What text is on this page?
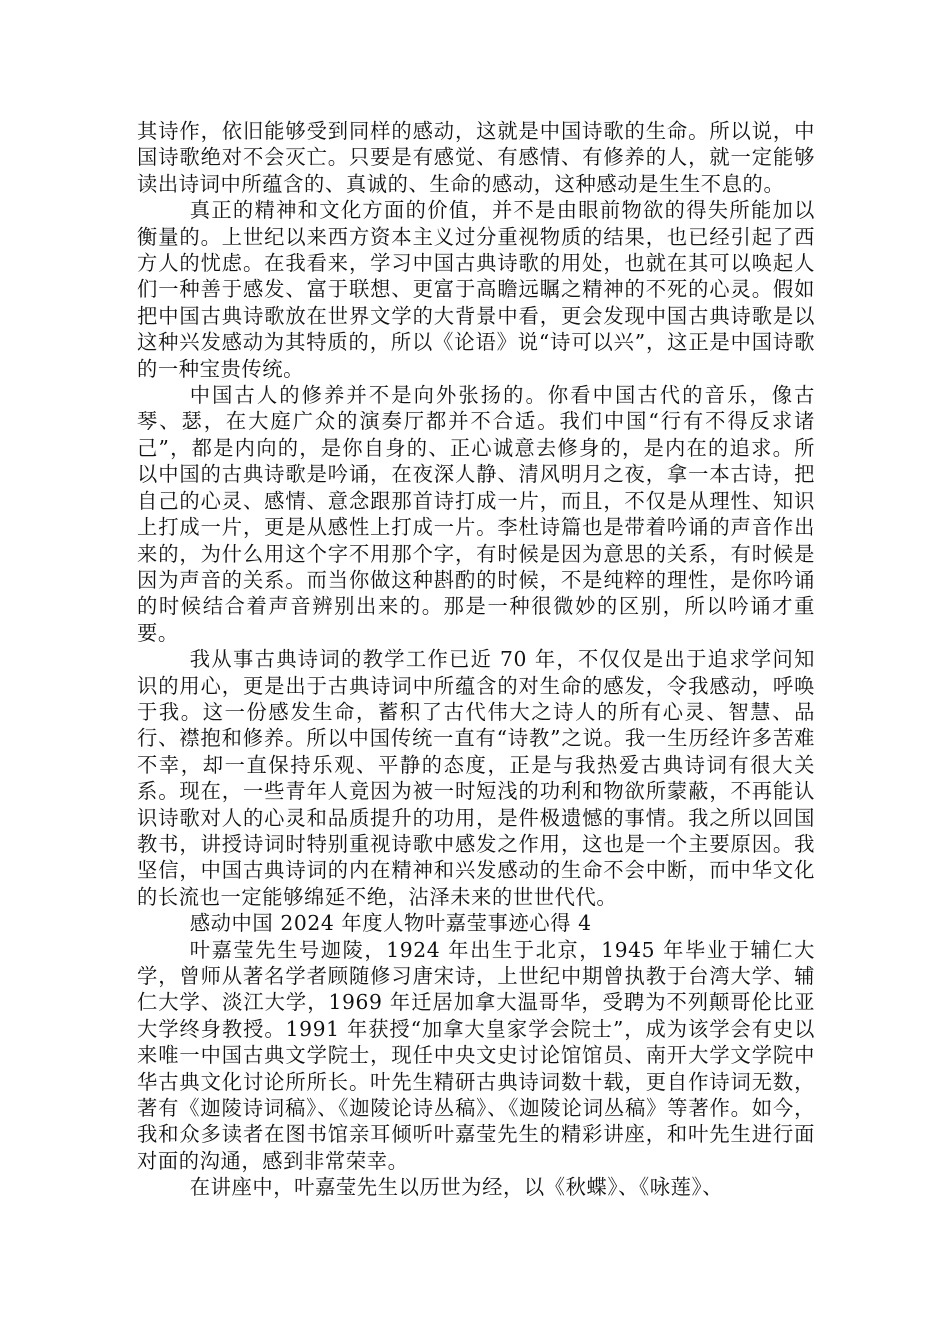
其诗作，依旧能够受到同样的感动，这就是中国诗歌的生命。所以说，中国诗歌绝对不会灭亡。只要是有感觉、有感情、有修养的人，就一定能够读出诗词中所蕴含的、真诚的、生命的感动，这种感动是生生不息的。

真正的精神和文化方面的价值，并不是由眼前物欲的得失所能加以衡量的。上世纪以来西方资本主义过分重视物质的结果，也已经引起了西方人的忧虑。在我看来，学习中国古典诗歌的用处，也就在其可以唤起人们一种善于感发、富于联想、更富于高瞻远瞩之精神的不死的心灵。假如把中国古典诗歌放在世界文学的大背景中看，更会发现中国古典诗歌是以这种兴发感动为其特质的，所以《论语》说“诗可以兴”，这正是中国诗歌的一种宝贵传统。

中国古人的修养并不是向外张扬的。你看中国古代的音乐，像古琴、瑟，在大庭广众的演奏厅都并不合适。我们中国“行有不得反求诸己”，都是内向的，是你自身的、正心诚意去修身的，是内在的追求。所以中国的古典诗歌是吟诵，在夜深人静、清风明月之夜，拿一本古诗，把自己的心灵、感情、意念跟那首诗打成一片，而且，不仅是从理性、知识上打成一片，更是从感性上打成一片。李杜诗篇也是带着吟诵的声音作出来的，为什么用这个字不用那个字，有时候是因为意思的关系，有时候是因为声音的关系。而当你做这种斟酌的时候，不是纯粹的理性，是你吟诵的时候结合着声音辨别出来的。那是一种很微妙的区别，所以吟诵才重要。

我从事古典诗词的教学工作已近 70 年，不仅仅是出于追求学问知识的用心，更是出于古典诗词中所蕴含的对生命的感发，令我感动，呼唤于我。这一份感发生命，蓄积了古代伟大之诗人的所有心灵、智慧、品行、襟抱和修养。所以中国传统一直有“诗教”之说。我一生历经许多苦难不幸，却一直保持乐观、平静的态度，正是与我热爱古典诗词有很大关系。现在，一些青年人竟因为被一时短浅的功利和物欲所蒙蔽，不再能认识诗歌对人的心灵和品质提升的功用，是件极遗憾的事情。我之所以回国教书，讲授诗词时特别重视诗歌中感发之作用，这也是一个主要原因。我坚信，中国古典诗词的内在精神和兴发感动的生命不会中断，而中华文化的长流也一定能够绵延不绝，沾泽未来的世世代代。

感动中国 2024 年度人物叶嘉莹事迹心得 4

叶嘉莹先生号迦陵，1924 年出生于北京，1945 年毕业于辅仁大学，曾师从著名学者顾随修习唐宋诗，上世纪中期曾执教于台湾大学、辅仁大学、淡江大学，1969 年迁居加拿大温哥华，受聘为不列颠哥伦比亚大学终身教授。1991 年获授“加拿大皇家学会院士”，成为该学会有史以来唯一中国古典文学院士，现任中央文史讨论馆馆员、南开大学文学院中华古典文化讨论所所长。叶先生精研古典诗词数十载，更自作诗词无数，著有《迦陵诗词稿》、《迦陵论诗丛稿》、《迦陵论词丛稿》等著作。如今，我和众多读者在图书馆亲耳倾听叶嘉莹先生的精彩讲座，和叶先生进行面对面的沟通，感到非常荣幸。

在讲座中，叶嘉莹先生以历世为经，以《秋蝶》、《咏莲》、
